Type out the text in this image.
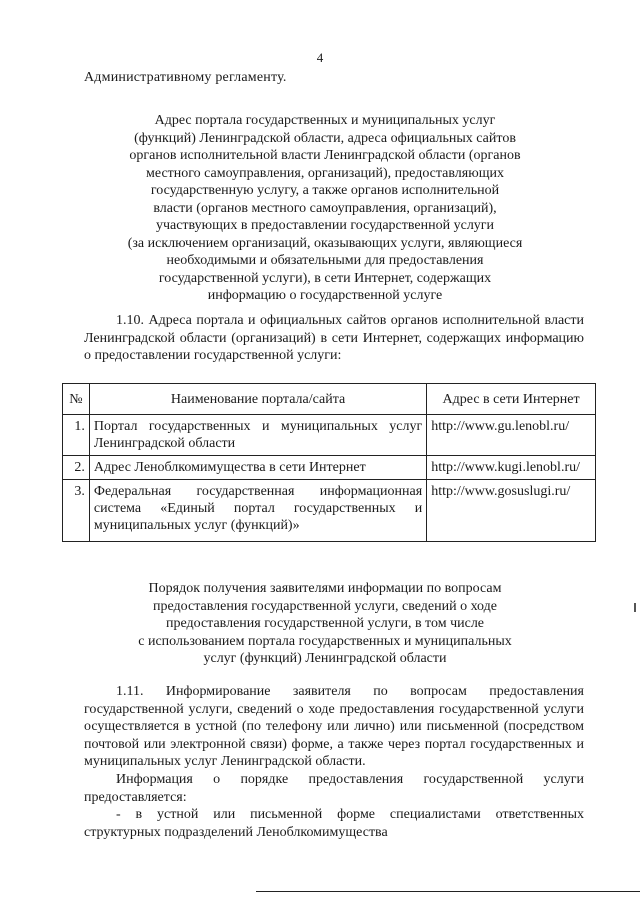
4
Административному регламенту.
Адрес портала государственных и муниципальных услуг
(функций) Ленинградской области, адреса официальных сайтов
органов исполнительной власти Ленинградской области (органов
местного самоуправления, организаций), предоставляющих
государственную услугу, а также органов исполнительной
власти (органов местного самоуправления, организаций),
участвующих в предоставлении государственной услуги
(за исключением организаций, оказывающих услуги, являющиеся
необходимыми и обязательными для предоставления
государственной услуги), в сети Интернет, содержащих
информацию о государственной услуге
1.10. Адреса портала и официальных сайтов органов исполнительной власти Ленинградской области (организаций) в сети Интернет, содержащих информацию о предоставлении государственной услуги:
№	Наименование портала/сайта	Адрес в сети Интернет
1.	Портал государственных и муниципальных услуг Ленинградской области	http://www.gu.lenobl.ru/
2.	Адрес Леноблкомимущества в сети Интернет	http://www.kugi.lenobl.ru/
3.	Федеральная государственная информационная система «Единый портал государственных и муниципальных услуг (функций)»	http://www.gosuslugi.ru/
Порядок получения заявителями информации по вопросам
предоставления государственной услуги, сведений о ходе
предоставления государственной услуги, в том числе
с использованием портала государственных и муниципальных
услуг (функций) Ленинградской области
1.11. Информирование заявителя по вопросам предоставления государственной услуги, сведений о ходе предоставления государственной услуги осуществляется в устной (по телефону или лично) или письменной (посредством почтовой или электронной связи) форме, а также через портал государственных и муниципальных услуг Ленинградской области.
Информация о порядке предоставления государственной услуги предоставляется:
- в устной или письменной форме специалистами ответственных структурных подразделений Леноблкомимущества
